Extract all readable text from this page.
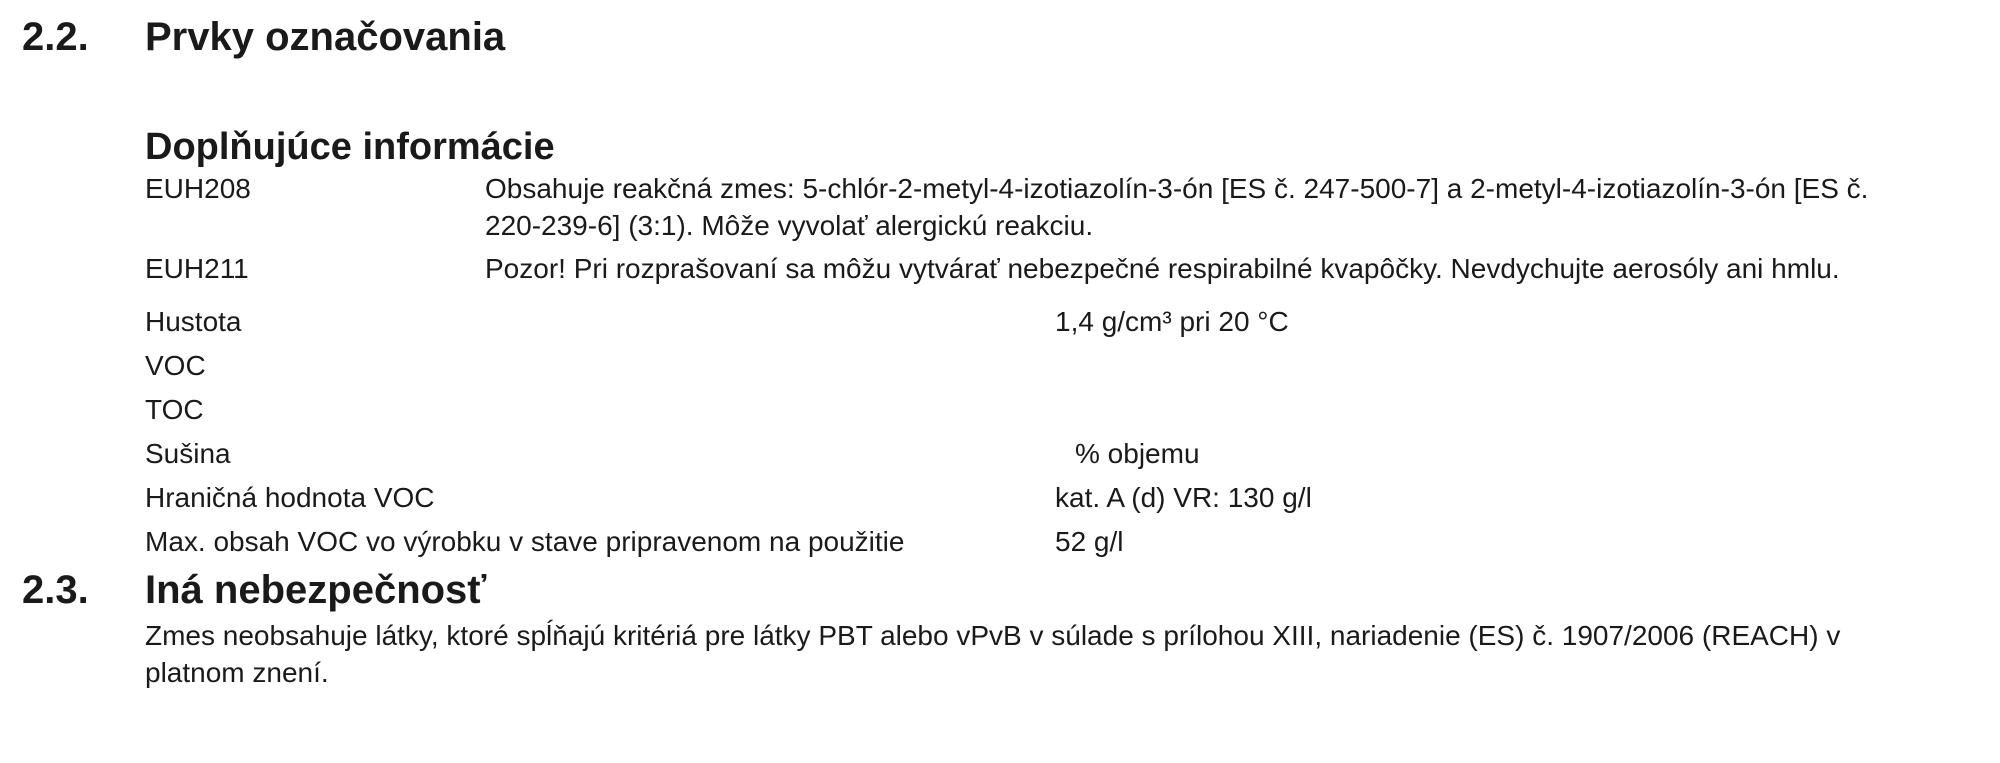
2.2.	Prvky označovania
Doplňujúce informácie
EUH208	Obsahuje reakčná zmes: 5-chlór-2-metyl-4-izotiazolín-3-ón [ES č. 247-500-7] a 2-metyl-4-izotiazolín-3-ón [ES č. 220-239-6] (3:1). Môže vyvolať alergickú reakciu.
EUH211	Pozor! Pri rozprašovaní sa môžu vytvárať nebezpečné respirabilné kvapôčky. Nevdychujte aerosóly ani hmlu.
Hustota	1,4 g/cm³ pri 20 °C
VOC
TOC
Sušina	% objemu
Hraničná hodnota VOC	kat. A (d) VR: 130 g/l
Max. obsah VOC vo výrobku v stave pripravenom na použitie	52 g/l
2.3.	Iná nebezpečnosť

Zmes neobsahuje látky, ktoré spĺňajú kritériá pre látky PBT alebo vPvB v súlade s prílohou XIII, nariadenie (ES) č. 1907/2006 (REACH) v platnom znení.
